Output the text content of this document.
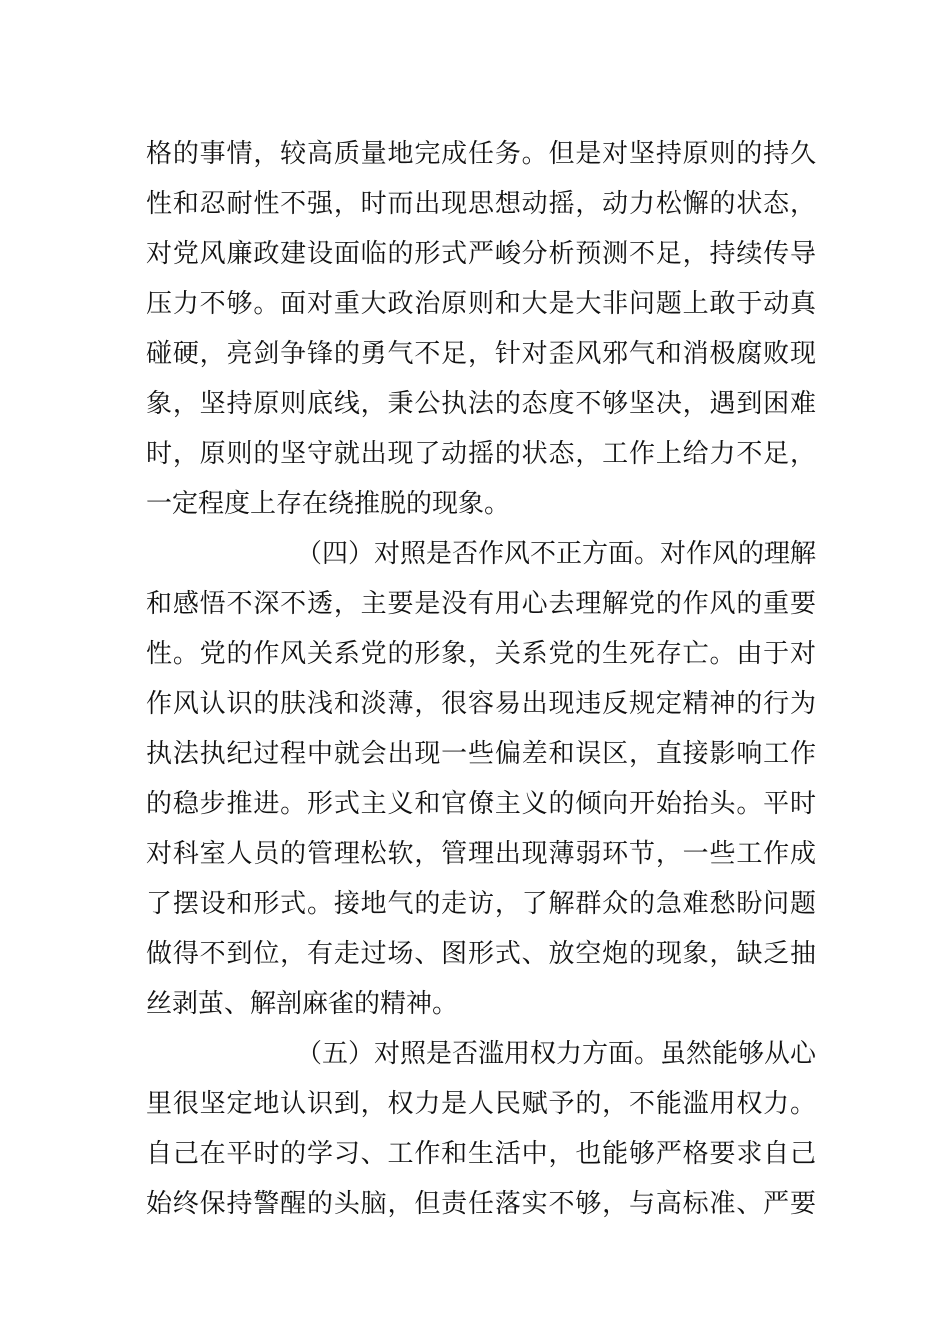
格的事情，较高质量地完成任务。但是对坚持原则的持久
性和忍耐性不强，时而出现思想动摇，动力松懈的状态，
对党风廉政建设面临的形式严峻分析预测不足，持续传导
压力不够。面对重大政治原则和大是大非问题上敢于动真
碰硬，亮剑争锋的勇气不足，针对歪风邪气和消极腐败现
象，坚持原则底线，秉公执法的态度不够坚决，遇到困难
时，原则的坚守就出现了动摇的状态，工作上给力不足，
一定程度上存在绕推脱的现象。
（四）对照是否作风不正方面。对作风的理解
和感悟不深不透，主要是没有用心去理解党的作风的重要
性。党的作风关系党的形象，关系党的生死存亡。由于对
作风认识的肤浅和淡薄，很容易出现违反规定精神的行为
执法执纪过程中就会出现一些偏差和误区，直接影响工作
的稳步推进。形式主义和官僚主义的倾向开始抬头。平时
对科室人员的管理松软，管理出现薄弱环节，一些工作成
了摆设和形式。接地气的走访，了解群众的急难愁盼问题
做得不到位，有走过场、图形式、放空炮的现象，缺乏抽
丝剥茧、解剖麻雀的精神。
（五）对照是否滥用权力方面。虽然能够从心
里很坚定地认识到，权力是人民赋予的，不能滥用权力。
自己在平时的学习、工作和生活中，也能够严格要求自己
始终保持警醒的头脑，但责任落实不够，与高标准、严要
